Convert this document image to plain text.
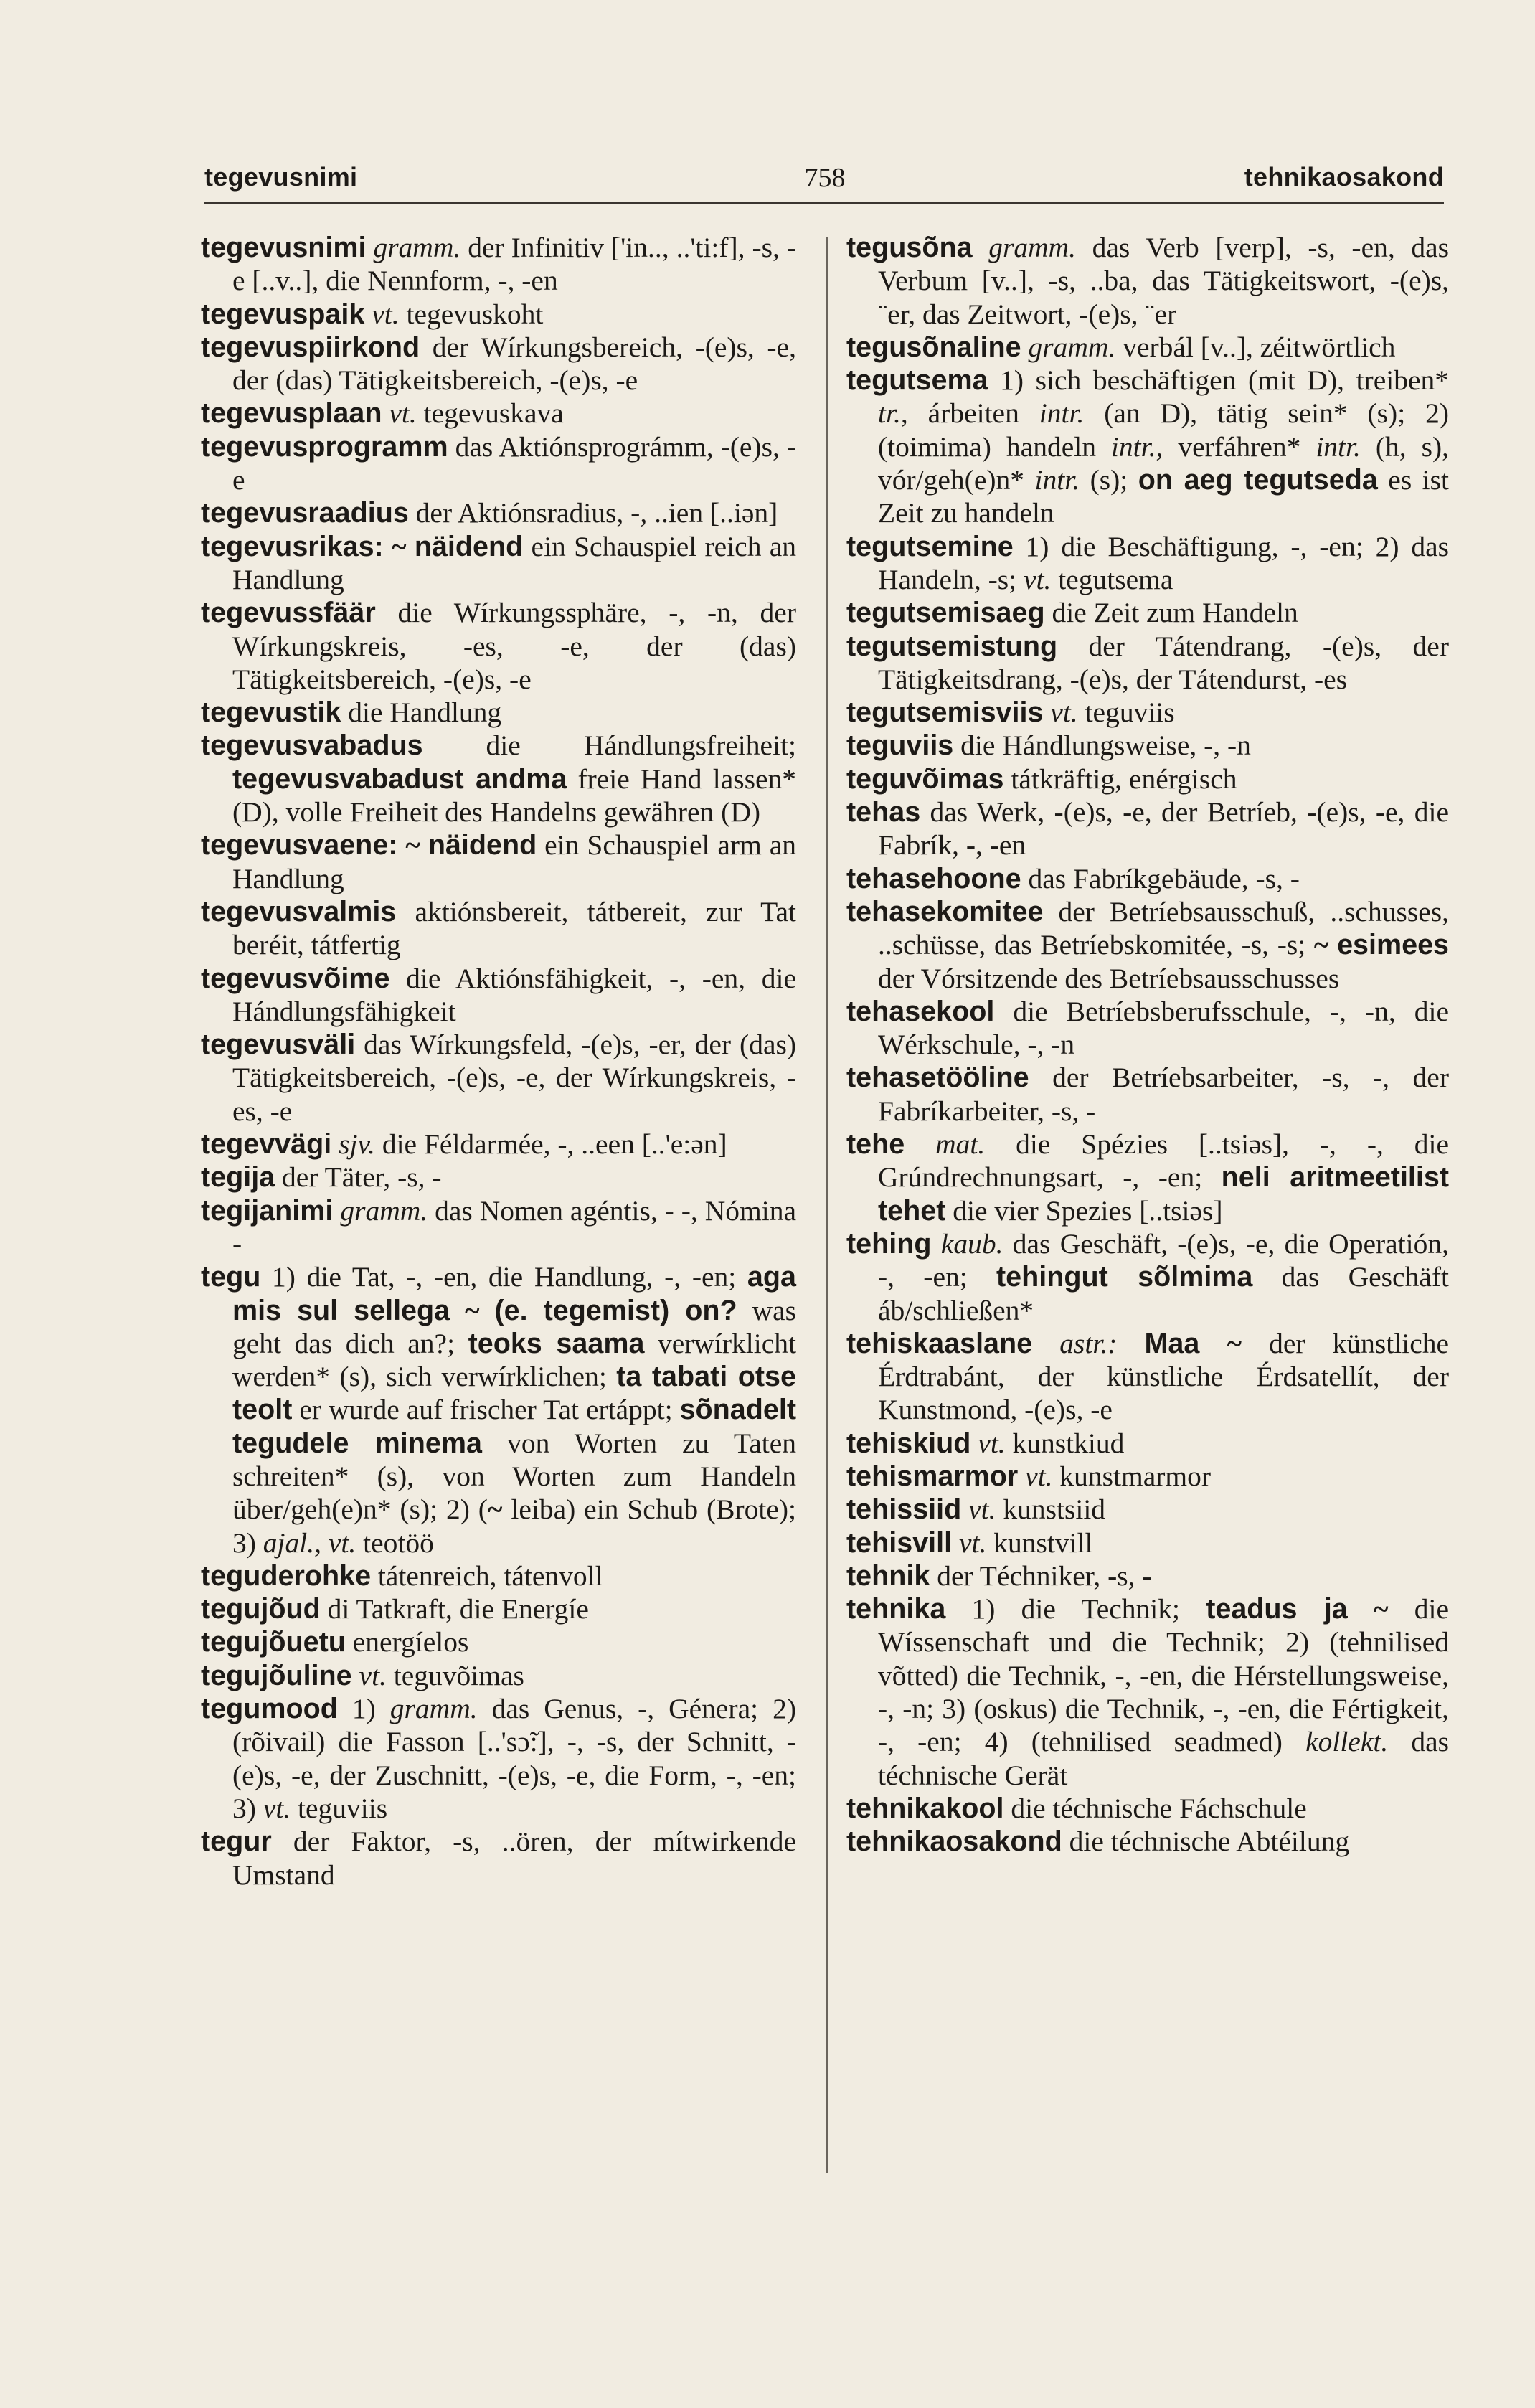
tegevusnimi	758	tehnikaosakond

tegevusnimi gramm. der Infinitiv ['in.., ..'ti:f], -s, -e [..v..], die Nennform, -, -en

tegevuspaik vt. tegevuskoht

tegevuspiirkond der Wírkungsbereich, -(e)s, -e, der (das) Tätigkeitsbereich, -(e)s, -e

tegevusplaan vt. tegevuskava

tegevusprogramm das Aktiónsprográmm, -(e)s, -e

tegevusraadius der Aktiónsradius, -, ..ien [..iən]

tegevusrikas: ~ näidend ein Schauspiel reich an Handlung

tegevussfäär die Wírkungssphäre, -, -n, der Wírkungskreis, -es, -e, der (das) Tätigkeitsbereich, -(e)s, -e

tegevustik die Handlung

tegevusvabadus die Hándlungsfreiheit; tegevusvabadust andma freie Hand lassen* (D), volle Freiheit des Handelns gewähren (D)

tegevusvaene: ~ näidend ein Schauspiel arm an Handlung

tegevusvalmis aktiónsbereit, tátbereit, zur Tat beréit, tátfertig

tegevusvõime die Aktiónsfähigkeit, -, -en, die Hándlungsfähigkeit

tegevusväli das Wírkungsfeld, -(e)s, -er, der (das) Tätigkeitsbereich, -(e)s, -e, der Wírkungskreis, -es, -e

tegevvägi sjv. die Féldarmée, -, ..een [..'e:ən]

tegija der Täter, -s, -

tegijanimi gramm. das Nomen agéntis, - -, Nómina -

tegu 1) die Tat, -, -en, die Handlung, -, -en; aga mis sul sellega ~ (e. tegemist) on? was geht das dich an?; teoks saama verwírklicht werden* (s), sich verwírklichen; ta tabati otse teolt er wurde auf frischer Tat ertáppt; sõnadelt tegudele minema von Worten zu Taten schreiten* (s), von Worten zum Handeln über/geh(e)n* (s); 2) (~ leiba) ein Schub (Brote); 3) ajal., vt. teotöö

teguderohke tátenreich, tátenvoll

tegujõud di Tatkraft, die Energíe

tegujõuetu energíelos

tegujõuline vt. teguvõimas

tegumood 1) gramm. das Genus, -, Génera; 2) (rõivail) die Fasson [..'sɔ̃:], -, -s, der Schnitt, -(e)s, -e, der Zuschnitt, -(e)s, -e, die Form, -, -en; 3) vt. teguviis

tegur der Faktor, -s, ..ören, der mítwirkende Umstand

tegusõna gramm. das Verb [verp], -s, -en, das Verbum [v..], -s, ..ba, das Tätigkeitswort, -(e)s, ¨er, das Zeitwort, -(e)s, ¨er

tegusõnaline gramm. verbál [v..], zéitwörtlich

tegutsema 1) sich beschäftigen (mit D), treiben* tr., árbeiten intr. (an D), tätig sein* (s); 2) (toimima) handeln intr., verfáhren* intr. (h, s), vór/geh(e)n* intr. (s); on aeg tegutseda es ist Zeit zu handeln

tegutsemine 1) die Beschäftigung, -, -en; 2) das Handeln, -s; vt. tegutsema

tegutsemisaeg die Zeit zum Handeln

tegutsemistung der Tátendrang, -(e)s, der Tätigkeitsdrang, -(e)s, der Tátendurst, -es

tegutsemisviis vt. teguviis

teguviis die Hándlungsweise, -, -n

teguvõimas tátkräftig, enérgisch

tehas das Werk, -(e)s, -e, der Betríeb, -(e)s, -e, die Fabrík, -, -en

tehasehoone das Fabríkgebäude, -s, -

tehasekomitee der Betríebsausschuß, ..schusses, ..schüsse, das Betríebskomitée, -s, -s; ~ esimees der Vórsitzende des Betríebsausschusses

tehasekool die Betríebsberufsschule, -, -n, die Wérkschule, -, -n

tehasetööline der Betríebsarbeiter, -s, -, der Fabríkarbeiter, -s, -

tehe mat. die Spézies [..tsiəs], -, -, die Grúndrechnungsart, -, -en; neli aritmeetilist tehet die vier Spezies [..tsiəs]

tehing kaub. das Geschäft, -(e)s, -e, die Operatión, -, -en; tehingut sõlmima das Geschäft áb/schließen*

tehiskaaslane astr.: Maa ~ der künstliche Érdtrabánt, der künstliche Érdsatellít, der Kunstmond, -(e)s, -e

tehiskiud vt. kunstkiud

tehismarmor vt. kunstmarmor

tehissiid vt. kunstsiid

tehisvill vt. kunstvill

tehnik der Téchniker, -s, -

tehnika 1) die Technik; teadus ja ~ die Wíssenschaft und die Technik; 2) (tehnilised võtted) die Technik, -, -en, die Hérstellungsweise, -, -n; 3) (oskus) die Technik, -, -en, die Fértigkeit, -, -en; 4) (tehnilised seadmed) kollekt. das téchnische Gerät

tehnikakool die téchnische Fáchschule

tehnikaosakond die téchnische Abtéilung
